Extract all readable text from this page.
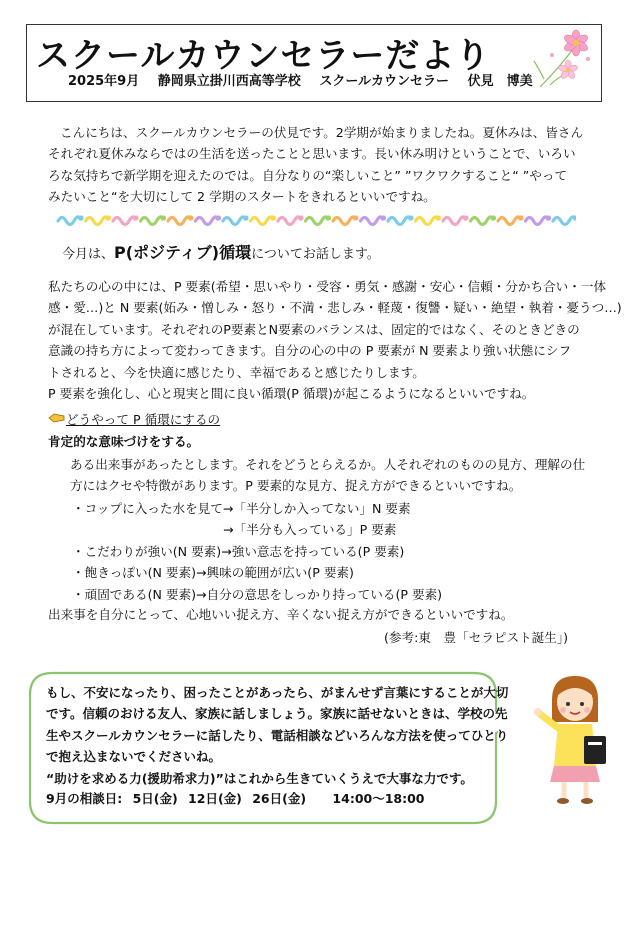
スクールカウンセラーだより
2025年9月 静岡県立掛川西高等学校 スクールカウンセラー 伏見　博美
こんにちは、スクールカウンセラーの伏見です。2学期が始まりましたね。夏休みは、皆さん
それぞれ夏休みならではの生活を送ったことと思います。長い休み明けということで、いろい
ろな気持ちで新学期を迎えたのでは。自分なりの“楽しいこと” ”ワクワクすること“ ”やって
みたいこと“を大切にして 2 学期のスタートをきれるといいですね。
今月は、P(ポジティブ)循環についてお話します。
私たちの心の中には、P 要素(希望・思いやり・受容・勇気・感謝・安心・信頼・分かち合い・一体
感・愛…)と N 要素(妬み・憎しみ・怒り・不満・悲しみ・軽蔑・復讐・疑い・絶望・執着・憂うつ…)
が混在しています。それぞれのP要素とN要素のバランスは、固定的ではなく、そのときどきの
意識の持ち方によって変わってきます。自分の心の中の P 要素が N 要素より強い状態にシフ
トされると、今を快適に感じたり、幸福であると感じたりします。
P 要素を強化し、心と現実と間に良い循環(P 循環)が起こるようになるといいですね。
どうやって P 循環にするの
肯定的な意味づけをする。
ある出来事があったとします。それをどうとらえるか。人それぞれのものの見方、理解の仕
方にはクセや特徴があります。P 要素的な見方、捉え方ができるといいですね。
・コップに入った水を見て→「半分しか入ってない」N 要素
　　　　　　　　　　　　→「半分も入っている」P 要素
・こだわりが強い(N 要素)→強い意志を持っている(P 要素)
・飽きっぽい(N 要素)→興味の範囲が広い(P 要素)
・頑固である(N 要素)→自分の意思をしっかり持っている(P 要素)
出来事を自分にとって、心地いい捉え方、辛くない捉え方ができるといいですね。
(参考:東　豊「セラピスト誕生」)
もし、不安になったり、困ったことがあったら、がまんせず言葉にすることが大切
です。信頼のおける友人、家族に話しましょう。家族に話せないときは、学校の先
生やスクールカウンセラーに話したり、電話相談などいろんな方法を使ってひとり
で抱え込まないでくださいね。
“助けを求める力(援助希求力)”はこれから生きていくうえで大事な力です。
9月の相談日: 5日(金) 12日(金) 26日(金) 14:00～18:00
